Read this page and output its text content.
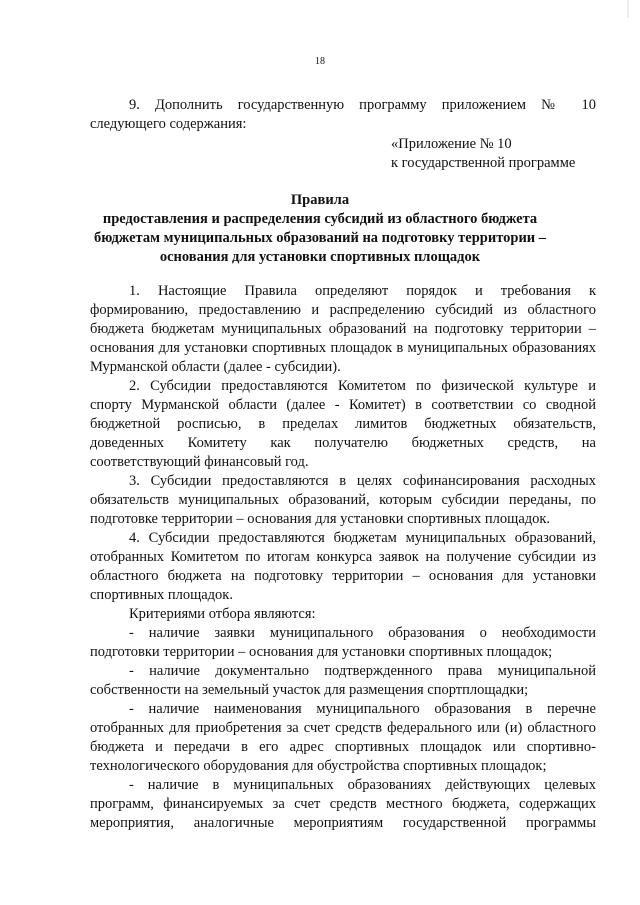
18
9. Дополнить государственную программу приложением № 10
следующего содержания:
«Приложение № 10
к государственной программе
Правила
предоставления и распределения субсидий из областного бюджета
бюджетам муниципальных образований на подготовку территории –
основания для установки спортивных площадок
1. Настоящие Правила определяют порядок и требования к
формированию, предоставлению и распределению субсидий из областного
бюджета бюджетам муниципальных образований на подготовку территории –
основания для установки спортивных площадок в муниципальных образованиях
Мурманской области (далее - субсидии).
2. Субсидии предоставляются Комитетом по физической культуре и
спорту Мурманской области (далее - Комитет) в соответствии со сводной
бюджетной росписью, в пределах лимитов бюджетных обязательств,
доведенных Комитету как получателю бюджетных средств, на
соответствующий финансовый год.
3. Субсидии предоставляются в целях софинансирования расходных
обязательств муниципальных образований, которым субсидии переданы, по
подготовке территории – основания для установки спортивных площадок.
4. Субсидии предоставляются бюджетам муниципальных образований,
отобранных Комитетом по итогам конкурса заявок на получение субсидии из
областного бюджета на подготовку территории – основания для установки
спортивных площадок.
Критериями отбора являются:
- наличие заявки муниципального образования о необходимости
подготовки территории – основания для установки спортивных площадок;
- наличие документально подтвержденного права муниципальной
собственности на земельный участок для размещения спортплощадки;
- наличие наименования муниципального образования в перечне
отобранных для приобретения за счет средств федерального или (и) областного
бюджета и передачи в его адрес спортивных площадок или спортивно-
технологического оборудования для обустройства спортивных площадок;
- наличие в муниципальных образованиях действующих целевых
программ, финансируемых за счет средств местного бюджета, содержащих
мероприятия, аналогичные мероприятиям государственной программы
